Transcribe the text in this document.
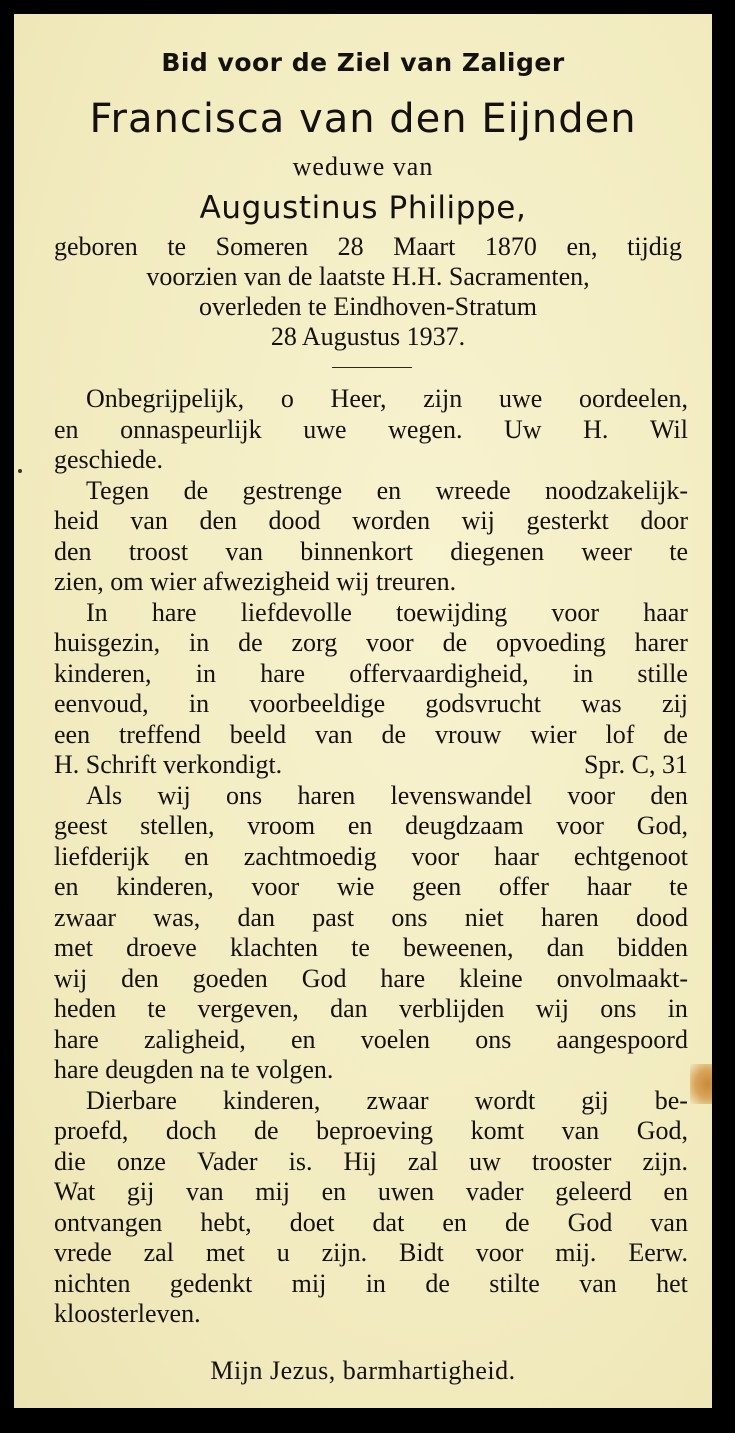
Bid voor de Ziel van Zaliger
Francisca van den Eijnden
weduwe van
Augustinus Philippe,
geboren te Someren 28 Maart 1870 en, tijdig
voorzien van de laatste H.H. Sacramenten,
overleden te Eindhoven-Stratum
28 Augustus 1937.
Onbegrijpelijk, o Heer, zijn uwe oordeelen,
en onnaspeurlijk uwe wegen. Uw H. Wil
geschiede.
Tegen de gestrenge en wreede noodzakelijk-
heid van den dood worden wij gesterkt door
den troost van binnenkort diegenen weer te
zien, om wier afwezigheid wij treuren.
In hare liefdevolle toewijding voor haar
huisgezin, in de zorg voor de opvoeding harer
kinderen, in hare offervaardigheid, in stille
eenvoud, in voorbeeldige godsvrucht was zij
een treffend beeld van de vrouw wier lof de
H. Schrift verkondigt.	Spr. C, 31
Als wij ons haren levenswandel voor den
geest stellen, vroom en deugdzaam voor God,
liefderijk en zachtmoedig voor haar echtgenoot
en kinderen, voor wie geen offer haar te
zwaar was, dan past ons niet haren dood
met droeve klachten te beweenen, dan bidden
wij den goeden God hare kleine onvolmaakt-
heden te vergeven, dan verblijden wij ons in
hare zaligheid, en voelen ons aangespoord
hare deugden na te volgen.
Dierbare kinderen, zwaar wordt gij be-
proefd, doch de beproeving komt van God,
die onze Vader is. Hij zal uw trooster zijn.
Wat gij van mij en uwen vader geleerd en
ontvangen hebt, doet dat en de God van
vrede zal met u zijn. Bidt voor mij. Eerw.
nichten gedenkt mij in de stilte van het
kloosterleven.
Mijn Jezus, barmhartigheid.
